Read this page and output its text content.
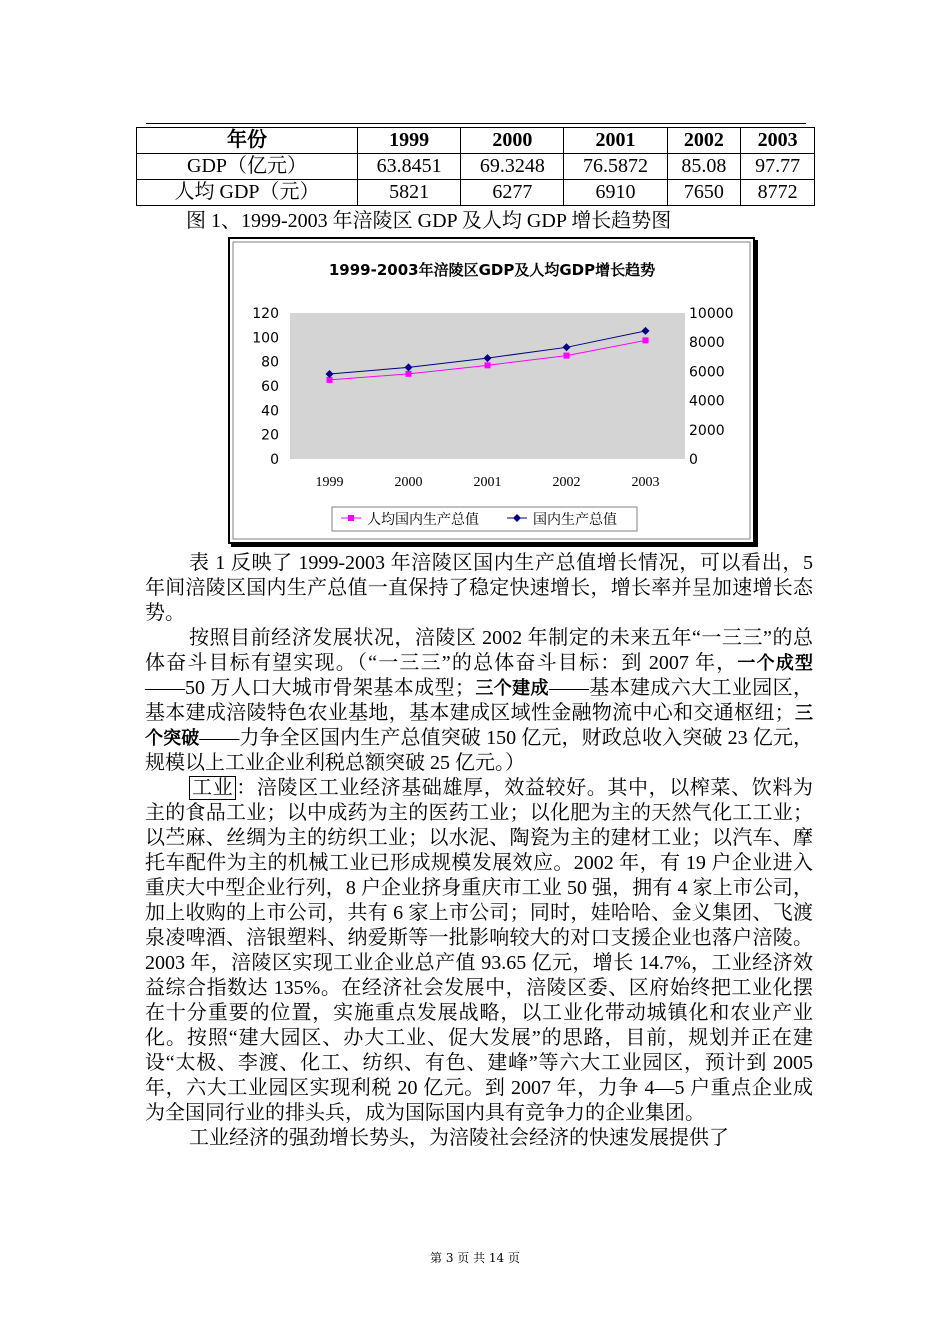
年份	1999	2000	2001	2002	2003
GDP（亿元）	63.8451	69.3248	76.5872	85.08	97.77
人均 GDP（元）	5821	6277	6910	7650	8772
图 1、1999-2003 年涪陵区 GDP 及人均 GDP 增长趋势图
1999-2003年涪陵区GDP及人均GDP增长趋势
人均国内生产总值	国内生产总值
0
20
40
60
80
100
120
0
2000
4000
6000
8000
10000
1999	2000	2001	2002	2003

表 1 反映了 1999-2003 年涪陵区国内生产总值增长情况，可以看出，5 年间涪陵区国内生产总值一直保持了稳定快速增长，增长率并呈加速增长态势。

按照目前经济发展状况，涪陵区 2002 年制定的未来五年“一三三”的总体奋斗目标有望实现。（“一三三”的总体奋斗目标：到 2007 年，一个成型——50 万人口大城市骨架基本成型；三个建成——基本建成六大工业园区，基本建成涪陵特色农业基地，基本建成区域性金融物流中心和交通枢纽；三个突破——力争全区国内生产总值突破 150 亿元，财政总收入突破 23 亿元，规模以上工业企业利税总额突破 25 亿元。）

工业 ：涪陵区工业经济基础雄厚，效益较好。其中，以榨菜、饮料为主的食品工业；以中成药为主的医药工业；以化肥为主的天然气化工工业；以苎麻、丝绸为主的纺织工业；以水泥、陶瓷为主的建材工业；以汽车、摩托车配件为主的机械工业已形成规模发展效应。2002 年，有 19 户企业进入重庆大中型企业行列，8 户企业挤身重庆市工业 50 强，拥有 4 家上市公司，加上收购的上市公司，共有 6 家上市公司；同时，娃哈哈、金义集团、飞渡泉凌啤酒、涪银塑料、纳爱斯等一批影响较大的对口支援企业也落户涪陵。2003 年，涪陵区实现工业企业总产值 93.65 亿元，增长 14.7%，工业经济效益综合指数达 135%。在经济社会发展中，涪陵区委、区府始终把工业化摆在十分重要的位置，实施重点发展战略，以工业化带动城镇化和农业产业化。按照“建大园区、办大工业、促大发展”的思路，目前，规划并正在建设“太极、李渡、化工、纺织、有色、建峰”等六大工业园区，预计到 2005 年，六大工业园区实现利税 20 亿元。到 2007 年，力争 4—5 户重点企业成为全国同行业的排头兵，成为国际国内具有竞争力的企业集团。

工业经济的强劲增长势头，为涪陵社会经济的快速发展提供了

第 3 页 共 14 页
